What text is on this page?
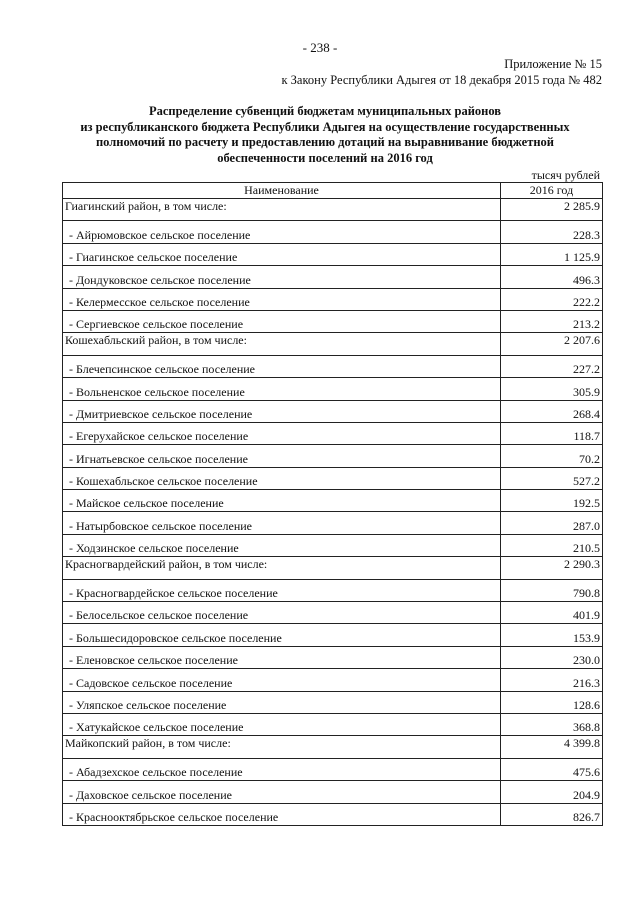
- 238 -
Приложение № 15
к Закону Республики Адыгея от 18 декабря 2015 года № 482
Распределение субвенций бюджетам муниципальных районов
из республиканского бюджета Республики Адыгея на осуществление государственных
полномочий по расчету и предоставлению дотаций на выравнивание бюджетной
обеспеченности поселений на 2016 год
тысяч рублей
Наименование	2016 год
Гиагинский район, в том числе:	2 285.9
- Айрюмовское сельское поселение	228.3
- Гиагинское сельское поселение	1 125.9
- Дондуковское сельское поселение	496.3
- Келермесское сельское поселение	222.2
- Сергиевское сельское поселение	213.2
Кошехабльский район, в том числе:	2 207.6
- Блечепсинское сельское поселение	227.2
- Вольненское сельское поселение	305.9
- Дмитриевское сельское поселение	268.4
- Егерухайское сельское поселение	118.7
- Игнатьевское сельское поселение	70.2
- Кошехабльское сельское поселение	527.2
- Майское сельское поселение	192.5
- Натырбовское сельское поселение	287.0
- Ходзинское сельское поселение	210.5
Красногвардейский район, в том числе:	2 290.3
- Красногвардейское сельское поселение	790.8
- Белосельское сельское поселение	401.9
- Большесидоровское сельское поселение	153.9
- Еленовское сельское поселение	230.0
- Садовское сельское поселение	216.3
- Уляпское сельское поселение	128.6
- Хатукайское сельское поселение	368.8
Майкопский район, в том числе:	4 399.8
- Абадзехское сельское поселение	475.6
- Даховское сельское поселение	204.9
- Краснооктябрьское сельское поселение	826.7
